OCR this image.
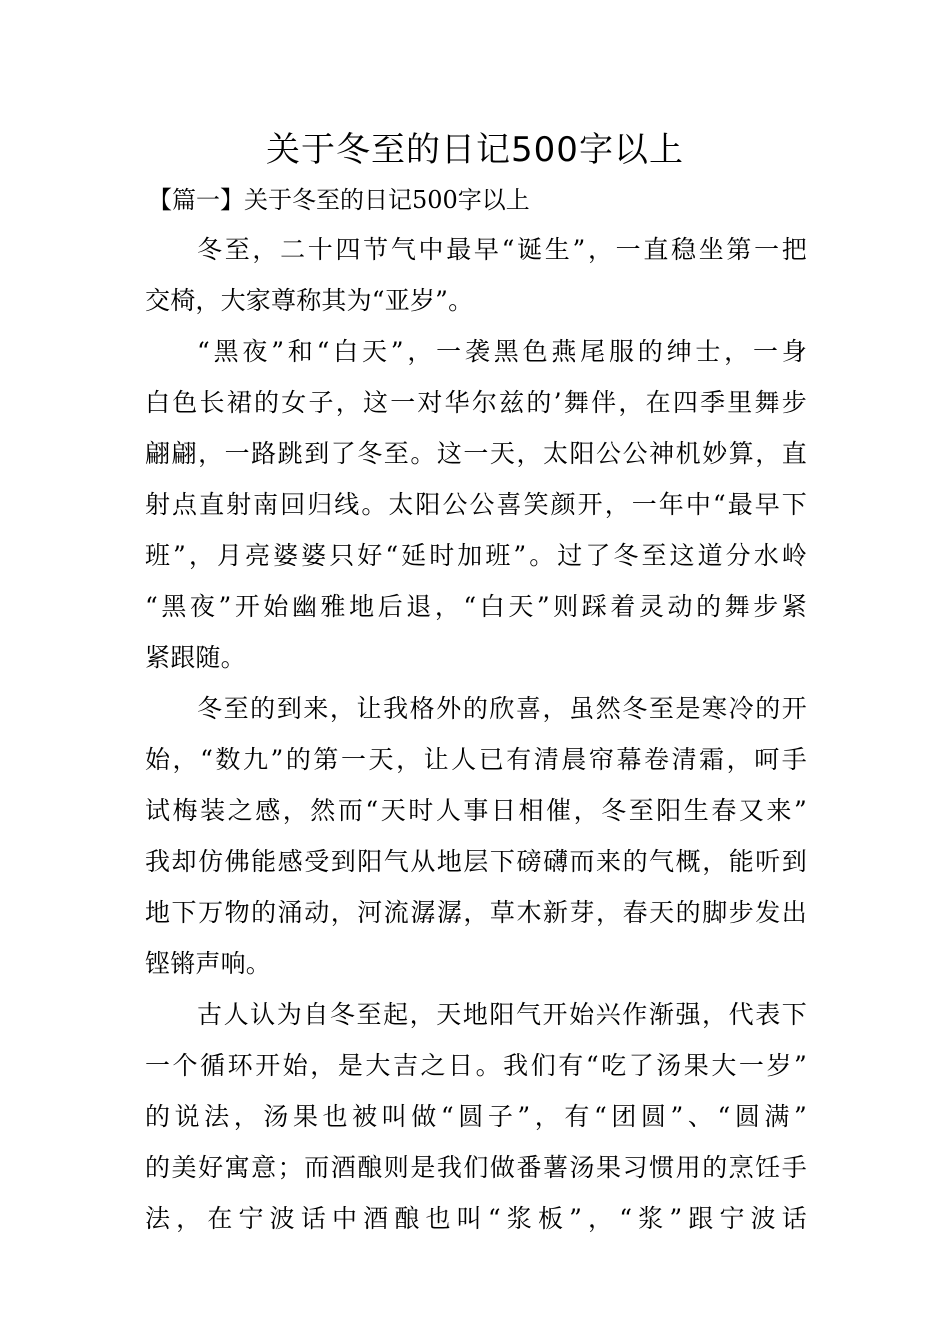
关于冬至的日记500字以上
【篇一】关于冬至的日记500字以上

冬至，二十四节气中最早“诞生”，一直稳坐第一把
交椅，大家尊称其为“亚岁”。

“黑夜”和“白天”，一袭黑色燕尾服的绅士，一身
白色长裙的女子，这一对华尔兹的’舞伴，在四季里舞步
翩翩，一路跳到了冬至。这一天，太阳公公神机妙算，直
射点直射南回归线。太阳公公喜笑颜开，一年中“最早下
班”，月亮婆婆只好“延时加班”。过了冬至这道分水岭
“黑夜”开始幽雅地后退，“白天”则踩着灵动的舞步紧
紧跟随。

冬至的到来，让我格外的欣喜，虽然冬至是寒冷的开
始，“数九”的第一天，让人已有清晨帘幕卷清霜，呵手
试梅装之感，然而“天时人事日相催，冬至阳生春又来”
我却仿佛能感受到阳气从地层下磅礴而来的气概，能听到
地下万物的涌动，河流潺潺，草木新芽，春天的脚步发出
铿锵声响。

古人认为自冬至起，天地阳气开始兴作渐强，代表下
一个循环开始，是大吉之日。我们有“吃了汤果大一岁”
的说法，汤果也被叫做“圆子”，有“团圆”、“圆满”
的美好寓意；而酒酿则是我们做番薯汤果习惯用的烹饪手
法，在宁波话中酒酿也叫“浆板”，“浆”跟宁波话
